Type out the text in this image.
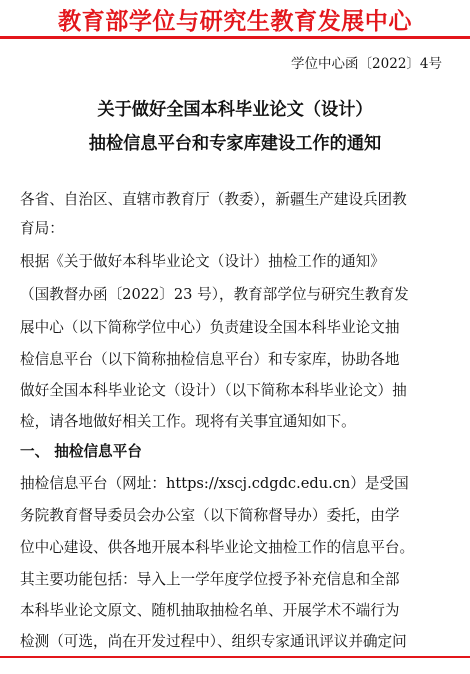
教育部学位与研究生教育发展中心
学位中心函〔2022〕4号
关于做好全国本科毕业论文（设计）
抽检信息平台和专家库建设工作的通知
各省、自治区、直辖市教育厅（教委），新疆生产建设兵团教
育局：
根据《关于做好本科毕业论文（设计）抽检工作的通知》
（国教督办函〔2022〕23 号），教育部学位与研究生教育发
展中心（以下简称学位中心）负责建设全国本科毕业论文抽
检信息平台（以下简称抽检信息平台）和专家库，协助各地
做好全国本科毕业论文（设计）（以下简称本科毕业论文）抽
检，请各地做好相关工作。现将有关事宜通知如下。
一、 抽检信息平台
抽检信息平台（网址：https://xscj.cdgdc.edu.cn）是受国
务院教育督导委员会办公室（以下简称督导办）委托，由学
位中心建设、供各地开展本科毕业论文抽检工作的信息平台。
其主要功能包括：导入上一学年度学位授予补充信息和全部
本科毕业论文原文、随机抽取抽检名单、开展学术不端行为
检测（可选，尚在开发过程中）、组织专家通讯评议并确定问
